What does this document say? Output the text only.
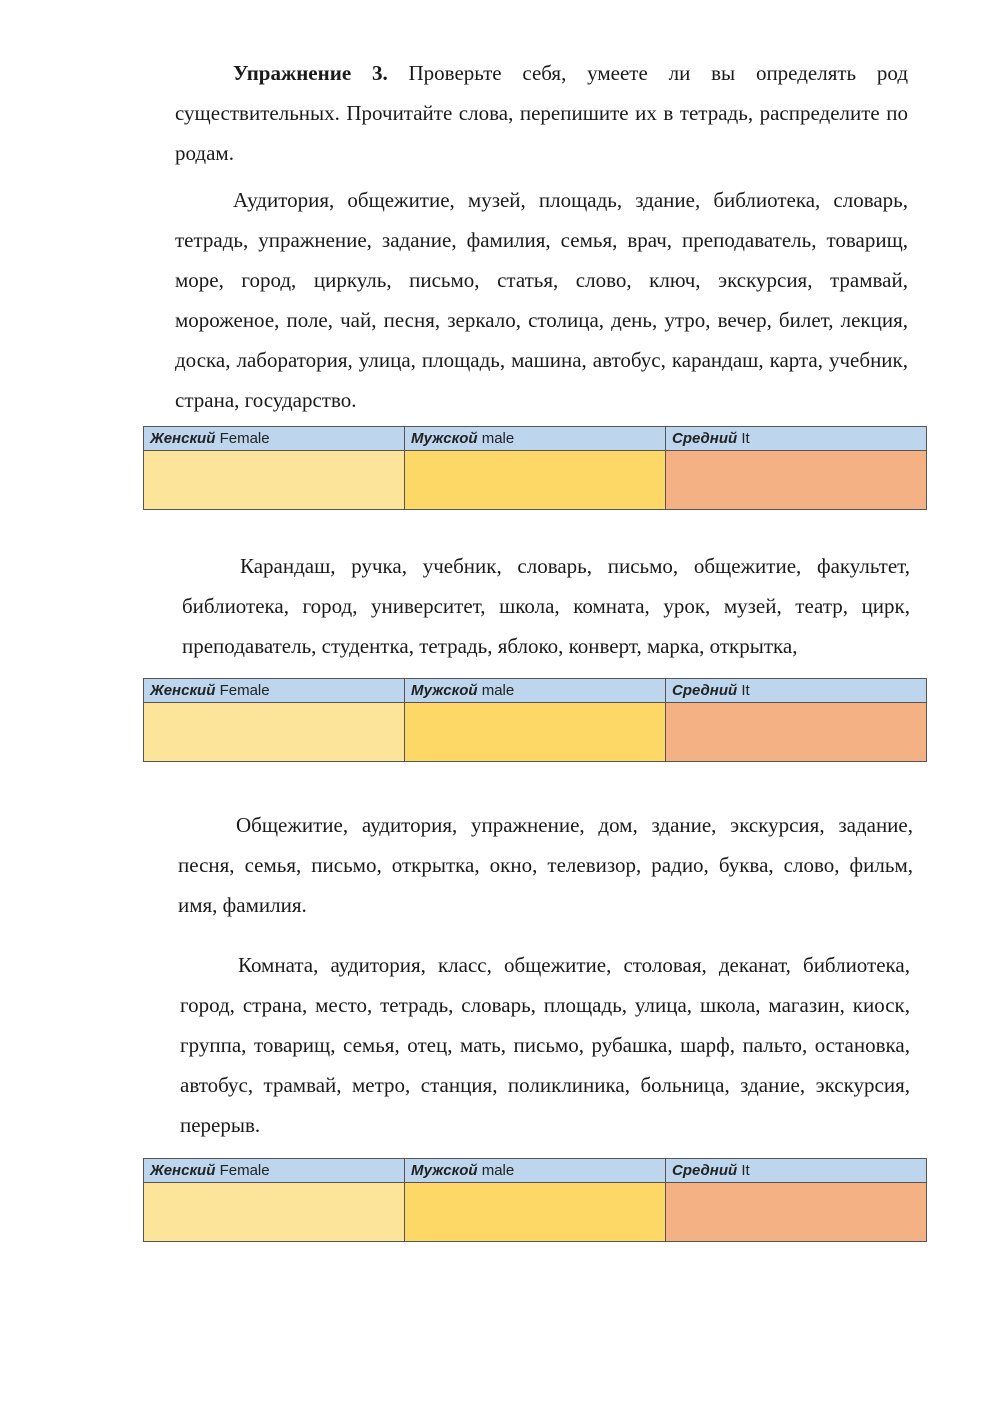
Упражнение 3. Проверьте себя, умеете ли вы определять род существительных. Прочитайте слова, перепишите их в тетрадь, распределите по родам.

Аудитория, общежитие, музей, площадь, здание, библиотека, словарь, тетрадь, упражнение, задание, фамилия, семья, врач, преподаватель, товарищ, море, город, циркуль, письмо, статья, слово, ключ, экскурсия, трамвай, мороженое, поле, чай, песня, зеркало, столица, день, утро, вечер, билет, лекция, доска, лаборатория, улица, площадь, машина, автобус, карандаш, карта, учебник, страна, государство.

Женский Female	Мужской male	Средний It

Карандаш, ручка, учебник, словарь, письмо, общежитие, факультет, библиотека, город, университет, школа, комната, урок, музей, театр, цирк, преподаватель, студентка, тетрадь, яблоко, конверт, марка, открытка,

Женский Female	Мужской male	Средний It

Общежитие, аудитория, упражнение, дом, здание, экскурсия, задание, песня, семья, письмо, открытка, окно, телевизор, радио, буква, слово, фильм, имя, фамилия.

Комната, аудитория, класс, общежитие, столовая, деканат, библиотека, город, страна, место, тетрадь, словарь, площадь, улица, школа, магазин, киоск, группа, товарищ, семья, отец, мать, письмо, рубашка, шарф, пальто, остановка, автобус, трамвай, метро, станция, поликлиника, больница, здание, экскурсия, перерыв.

Женский Female	Мужской male	Средний It
